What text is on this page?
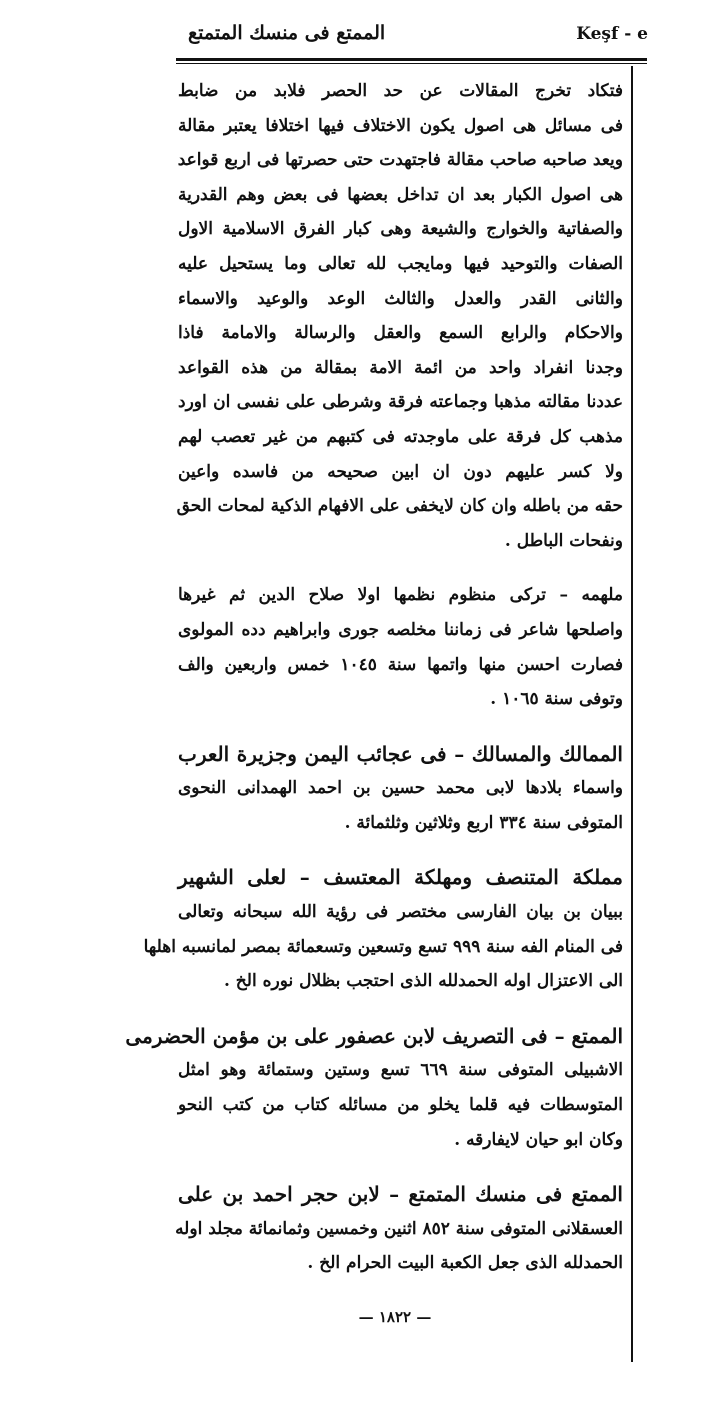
الممتع فى منسك المتمتع	Keşf - e
فتكاد تخرج المقالات عن حد الحصر فلابد من ضابط
فى مسائل هى اصول يكون الاختلاف فيها اختلافا يعتبر مقالة
ويعد صاحبه صاحب مقالة فاجتهدت حتى حصرتها فى اربع قواعد
هى اصول الكبار بعد ان تداخل بعضها فى بعض وهم القدرية
والصفاتية والخوارج والشيعة وهى كبار الفرق الاسلامية الاول
الصفات والتوحيد فيها ومايجب لله تعالى وما يستحيل عليه
والثانى القدر والعدل والثالث الوعد والوعيد والاسماء
والاحكام والرابع السمع والعقل والرسالة والامامة فاذا
وجدنا انفراد واحد من ائمة الامة بمقالة من هذه القواعد
عددنا مقالته مذهبا وجماعته فرقة وشرطى على نفسى ان اورد
مذهب كل فرقة على ماوجدته فى كتبهم من غير تعصب لهم
ولا كسر عليهم دون ان ابين صحيحه من فاسده واعين
حقه من باطله وان كان لايخفى على الافهام الذكية لمحات الحق
ونفحات الباطل .
ملهمه – تركى منظوم نظمها اولا صلاح الدين ثم غيرها
واصلحها شاعر فى زماننا مخلصه جورى وابراهيم دده المولوى
فصارت احسن منها واتمها سنة ١٠٤٥ خمس واربعين والف
وتوفى سنة ١٠٦٥ .
الممالك والمسالك – فى عجائب اليمن وجزيرة العرب
واسماء بلادها لابى محمد حسين بن احمد الهمدانى النحوى
المتوفى سنة ٣٣٤ اربع وثلاثين وثلثمائة .
مملكة المتنصف ومهلكة المعتسف – لعلى الشهير
ببيان بن بيان الفارسى مختصر فى رؤية الله سبحانه وتعالى
فى المنام الفه سنة ٩٩٩ تسع وتسعين وتسعمائة بمصر لمانسبه اهلها
الى الاعتزال اوله الحمدلله الذى احتجب بظلال نوره الخ .
الممتع – فى التصريف لابن عصفور على بن مؤمن الحضرمى
الاشبيلى المتوفى سنة ٦٦٩ تسع وستين وستمائة وهو امثل
المتوسطات فيه قلما يخلو من مسائله كتاب من كتب النحو
وكان ابو حيان لايفارقه .
الممتع فى منسك المتمتع – لابن حجر احمد بن على
العسقلانى المتوفى سنة ٨٥٢ اثنين وخمسين وثمانمائة مجلد اوله
الحمدلله الذى جعل الكعبة البيت الحرام الخ .
— ١٨٢٢ —
